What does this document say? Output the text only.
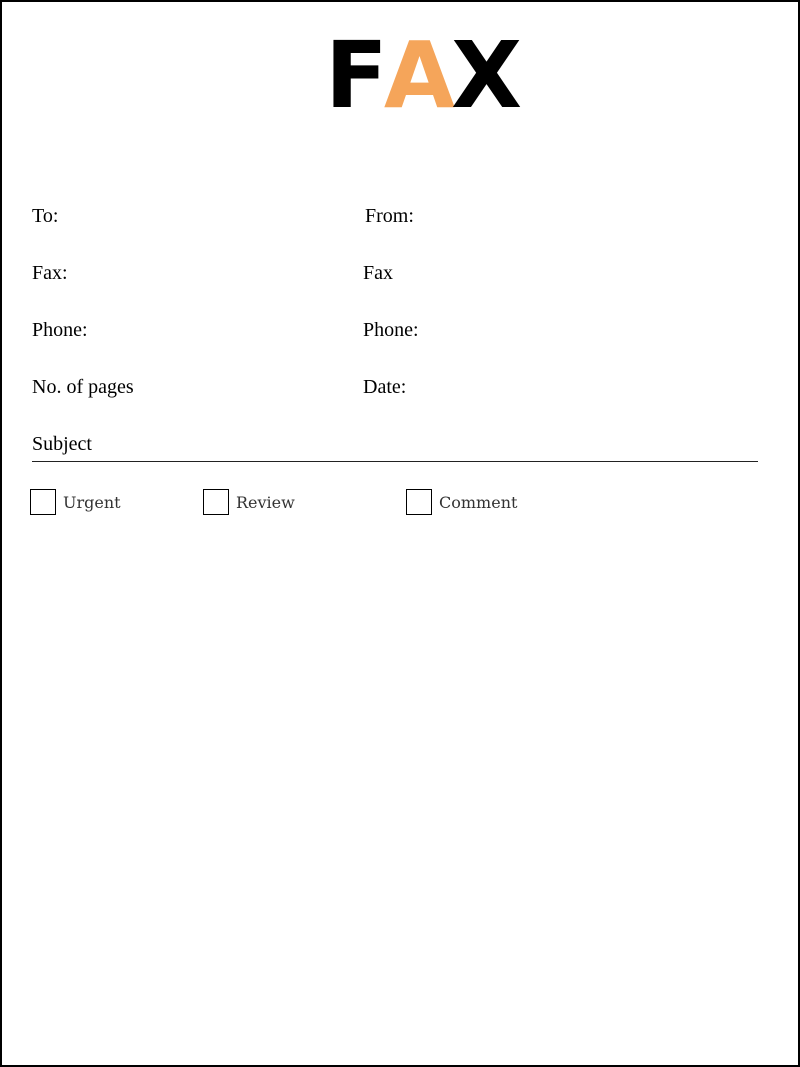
FAX
To:	From:
Fax:	Fax
Phone:	Phone:
No. of pages	Date:
Subject
Urgent	Review	Comment
